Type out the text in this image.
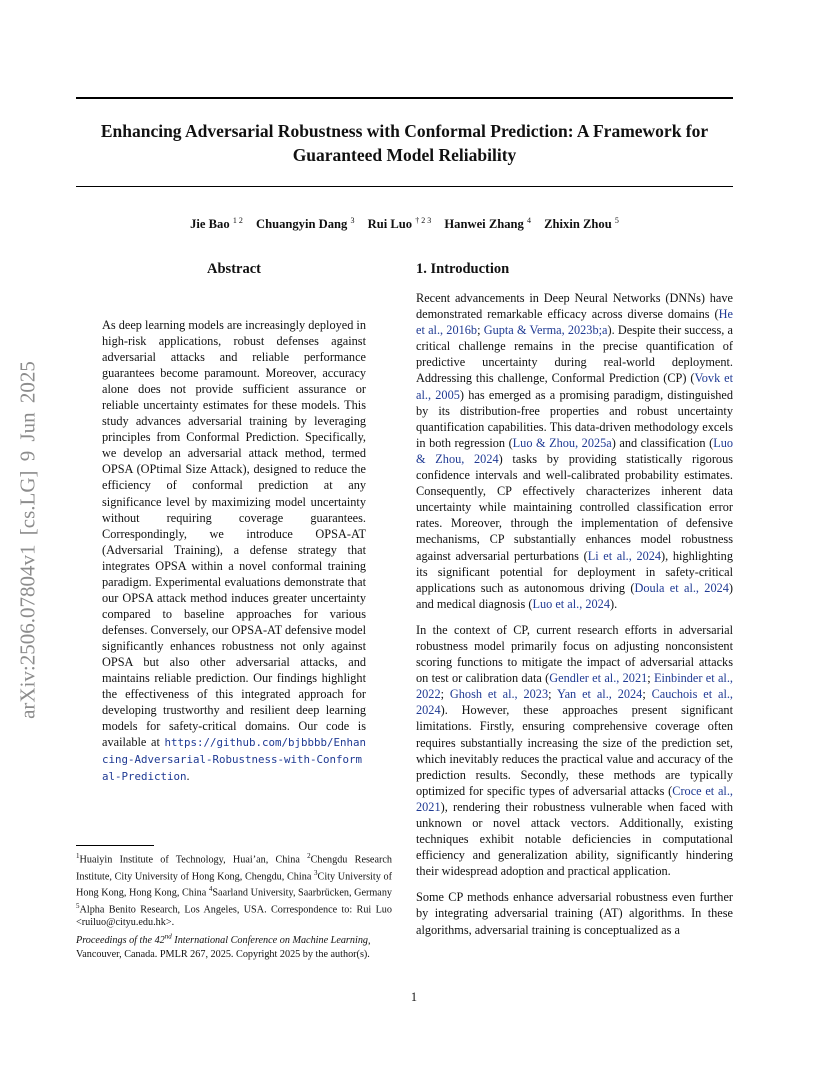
Enhancing Adversarial Robustness with Conformal Prediction: A Framework for Guaranteed Model Reliability
Jie Bao $^{1 2}$ Chuangyin Dang $^3$ Rui Luo $^{\dagger 2 3}$ Hanwei Zhang $^4$ Zhixin Zhou $^5$
arXiv:2506.07804v1 [cs.LG] 9 Jun 2025
Abstract
As deep learning models are increasingly deployed in high-risk applications, robust defenses against adversarial attacks and reliable performance guarantees become paramount. Moreover, accuracy alone does not provide sufficient assurance or reliable uncertainty estimates for these models. This study advances adversarial training by leveraging principles from Conformal Prediction. Specifically, we develop an adversarial attack method, termed OPSA (OPtimal Size Attack), designed to reduce the efficiency of conformal prediction at any significance level by maximizing model uncertainty without requiring coverage guarantees. Correspondingly, we introduce OPSA-AT (Adversarial Training), a defense strategy that integrates OPSA within a novel conformal training paradigm. Experimental evaluations demonstrate that our OPSA attack method induces greater uncertainty compared to baseline approaches for various defenses. Conversely, our OPSA-AT defensive model significantly enhances robustness not only against OPSA but also other adversarial attacks, and maintains reliable prediction. Our findings highlight the effectiveness of this integrated approach for developing trustworthy and resilient deep learning models for safety-critical domains. Our code is available at https://github.com/bjbbbb/Enhancing-Adversarial-Robustness-with-Conformal-Prediction.
$^1$Huaiyin Institute of Technology, Huai’an, China $^2$Chengdu Research Institute, City University of Hong Kong, Chengdu, China $^3$City University of Hong Kong, Hong Kong, China $^4$Saarland University, Saarbrücken, Germany $^5$Alpha Benito Research, Los Angeles, USA. Correspondence to: Rui Luo <ruiluo@cityu.edu.hk>.
Proceedings of the 42nd International Conference on Machine Learning, Vancouver, Canada. PMLR 267, 2025. Copyright 2025 by the author(s).
1. Introduction

Recent advancements in Deep Neural Networks (DNNs) have demonstrated remarkable efficacy across diverse domains (He et al., 2016b; Gupta & Verma, 2023b;a). Despite their success, a critical challenge remains in the precise quantification of predictive uncertainty during real-world deployment. Addressing this challenge, Conformal Prediction (CP) (Vovk et al., 2005) has emerged as a promising paradigm, distinguished by its distribution-free properties and robust uncertainty quantification capabilities. This data-driven methodology excels in both regression (Luo & Zhou, 2025a) and classification (Luo & Zhou, 2024) tasks by providing statistically rigorous confidence intervals and well-calibrated probability estimates. Consequently, CP effectively characterizes inherent data uncertainty while maintaining controlled classification error rates. Moreover, through the implementation of defensive mechanisms, CP substantially enhances model robustness against adversarial perturbations (Li et al., 2024), highlighting its significant potential for deployment in safety-critical applications such as autonomous driving (Doula et al., 2024) and medical diagnosis (Luo et al., 2024).

In the context of CP, current research efforts in adversarial robustness model primarily focus on adjusting nonconsistent scoring functions to mitigate the impact of adversarial attacks on test or calibration data (Gendler et al., 2021; Einbinder et al., 2022; Ghosh et al., 2023; Yan et al., 2024; Cauchois et al., 2024). However, these approaches present significant limitations. Firstly, ensuring comprehensive coverage often requires substantially increasing the size of the prediction set, which inevitably reduces the practical value and accuracy of the prediction results. Secondly, these methods are typically optimized for specific types of adversarial attacks (Croce et al., 2021), rendering their robustness vulnerable when faced with unknown or novel attack vectors. Additionally, existing techniques exhibit notable deficiencies in computational efficiency and generalization ability, significantly hindering their widespread adoption and practical application.

Some CP methods enhance adversarial robustness even further by integrating adversarial training (AT) algorithms. In these algorithms, adversarial training is conceptualized as a

1
